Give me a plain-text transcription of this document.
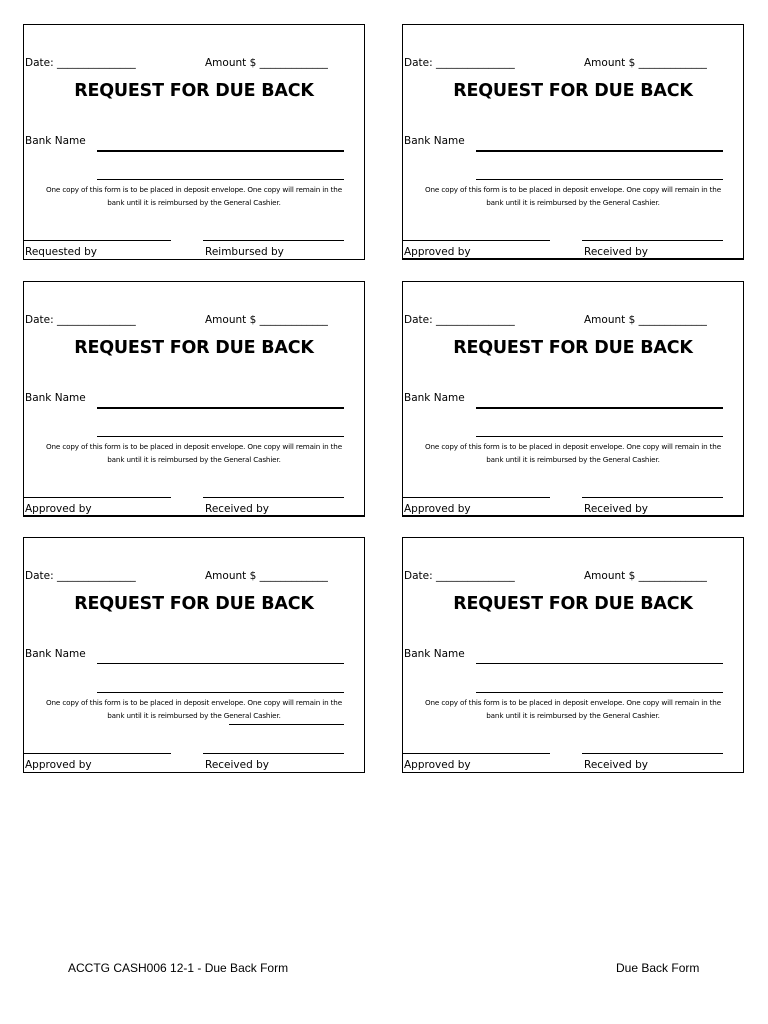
Date: _______________	Amount $ _____________
REQUEST FOR DUE BACK
Bank Name
One copy of this form is to be placed in deposit envelope. One copy will remain in the
bank until it is reimbursed by the General Cashier.
Requested by	Reimbursed by
Date: _______________	Amount $ _____________
REQUEST FOR DUE BACK
Bank Name
One copy of this form is to be placed in deposit envelope. One copy will remain in the
bank until it is reimbursed by the General Cashier.
Approved by	Received by
Date: _______________	Amount $ _____________
REQUEST FOR DUE BACK
Bank Name
One copy of this form is to be placed in deposit envelope. One copy will remain in the
bank until it is reimbursed by the General Cashier.
Approved by	Received by
Date: _______________	Amount $ _____________
REQUEST FOR DUE BACK
Bank Name
One copy of this form is to be placed in deposit envelope. One copy will remain in the
bank until it is reimbursed by the General Cashier.
Approved by	Received by
Date: _______________	Amount $ _____________
REQUEST FOR DUE BACK
Bank Name
One copy of this form is to be placed in deposit envelope. One copy will remain in the
bank until it is reimbursed by the General Cashier.
Approved by	Received by
Date: _______________	Amount $ _____________
REQUEST FOR DUE BACK
Bank Name
One copy of this form is to be placed in deposit envelope. One copy will remain in the
bank until it is reimbursed by the General Cashier.
Approved by	Received by
ACCTG CASH006 12-1 - Due Back Form	Due Back Form
